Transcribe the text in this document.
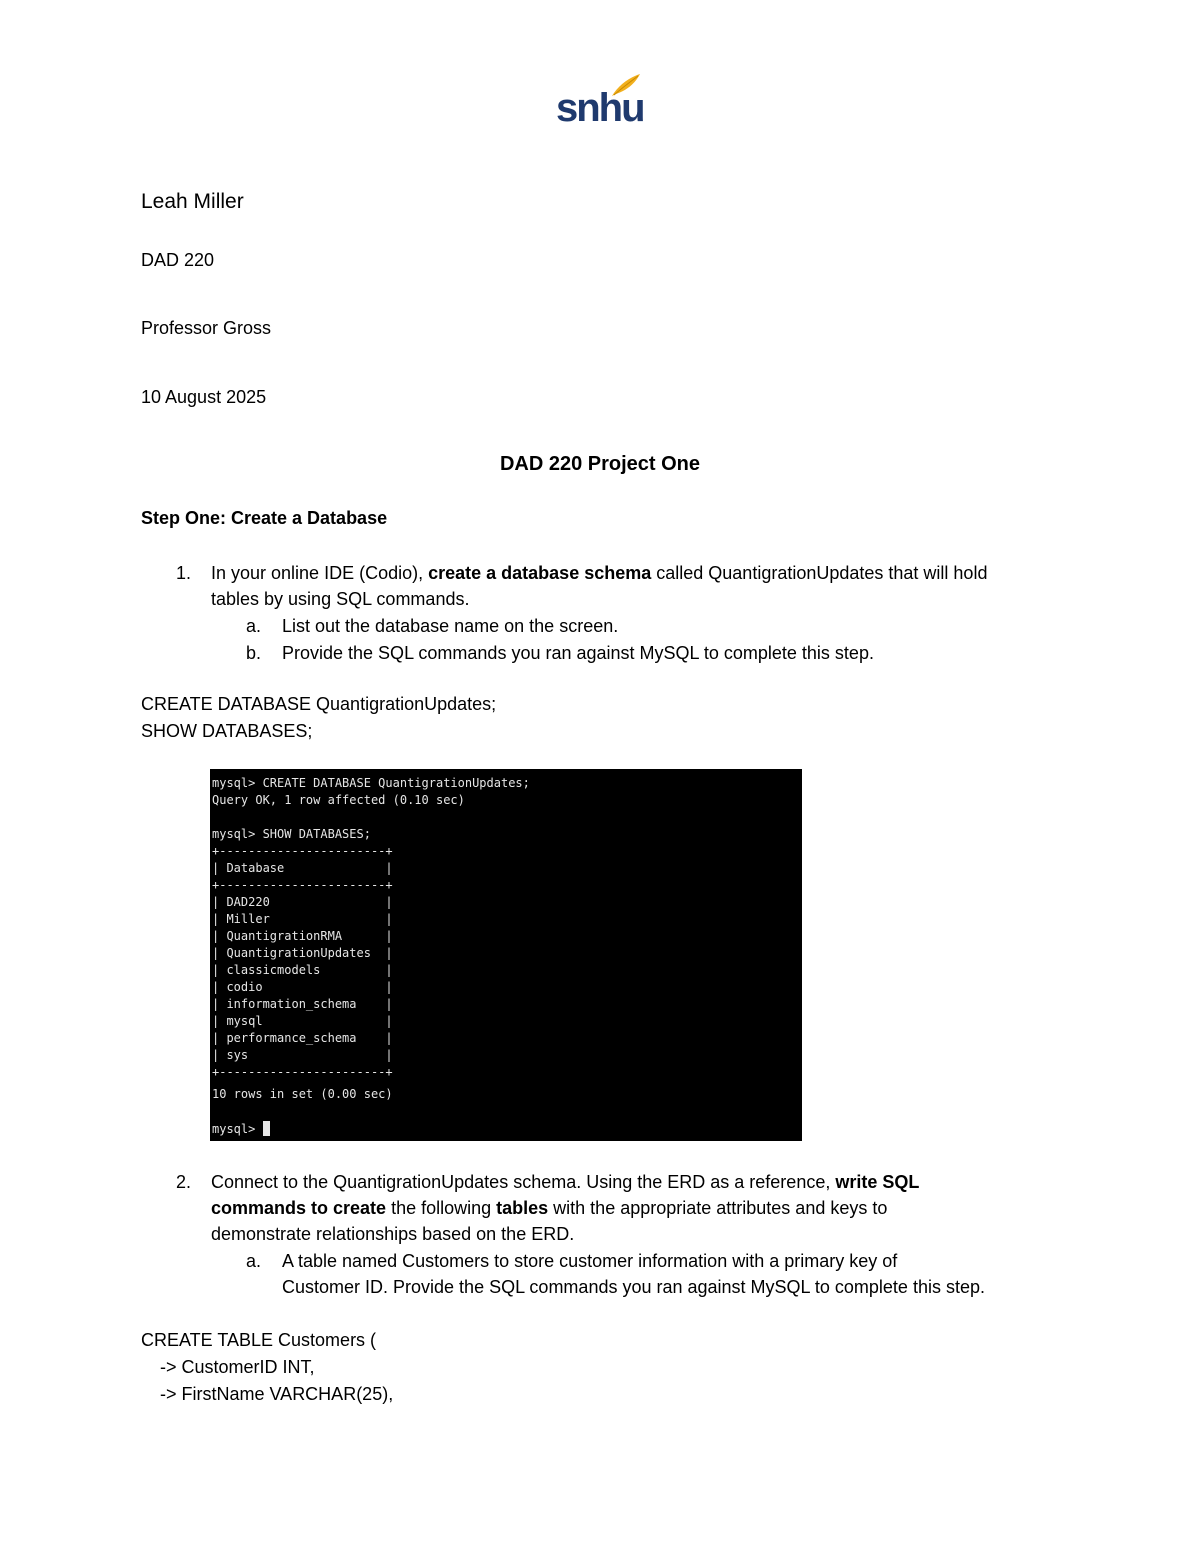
snhu
Leah Miller
DAD 220
Professor Gross
10 August 2025
DAD 220 Project One
Step One: Create a Database
1. In your online IDE (Codio), create a database schema called QuantigrationUpdates that will hold
tables by using SQL commands.
a. List out the database name on the screen.
b. Provide the SQL commands you ran against MySQL to complete this step.
CREATE DATABASE QuantigrationUpdates;
SHOW DATABASES;
mysql> CREATE DATABASE QuantigrationUpdates;
Query OK, 1 row affected (0.10 sec)
mysql> SHOW DATABASES;
+-----------------------+
| Database              |
+-----------------------+
| DAD220                |
| Miller                |
| QuantigrationRMA      |
| QuantigrationUpdates  |
| classicmodels         |
| codio                 |
| information_schema    |
| mysql                 |
| performance_schema    |
| sys                   |
+-----------------------+
10 rows in set (0.00 sec)
mysql>
2. Connect to the QuantigrationUpdates schema. Using the ERD as a reference, write SQL
commands to create the following tables with the appropriate attributes and keys to
demonstrate relationships based on the ERD.
a. A table named Customers to store customer information with a primary key of
Customer ID. Provide the SQL commands you ran against MySQL to complete this step.
CREATE TABLE Customers (
-> CustomerID INT,
-> FirstName VARCHAR(25),
